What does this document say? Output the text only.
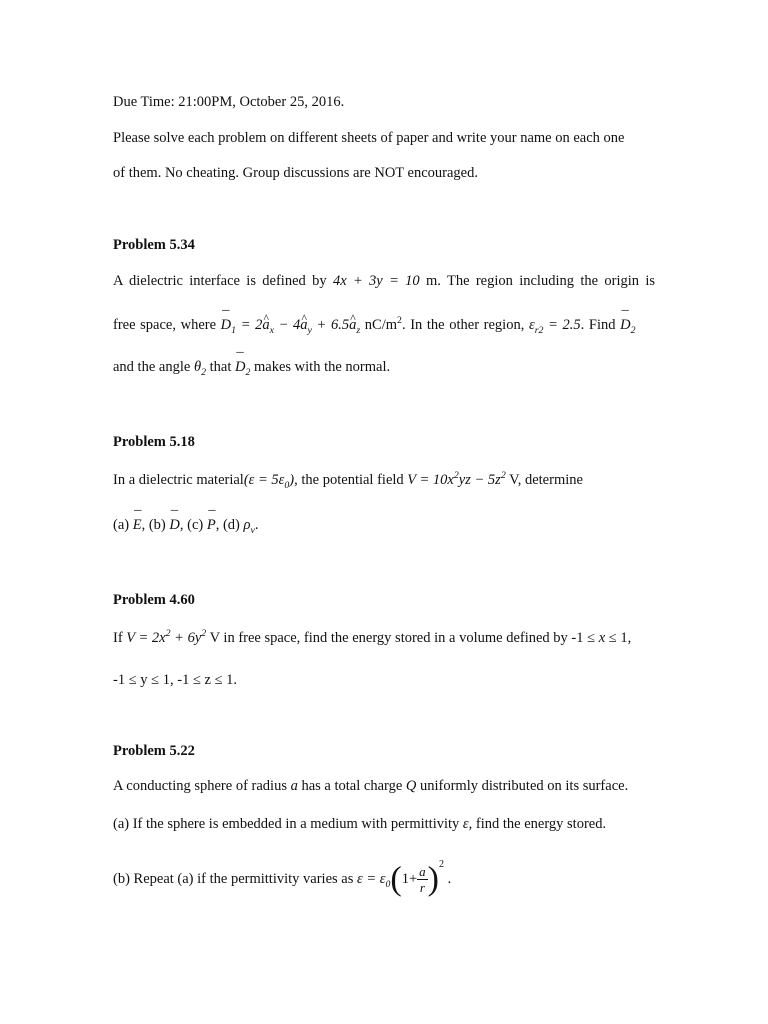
Due Time: 21:00PM, October 25, 2016.
Please solve each problem on different sheets of paper and write your name on each one
of them. No cheating. Group discussions are NOT encouraged.
Problem 5.34
A dielectric interface is defined by 4x + 3y = 10 m. The region including the origin is
free space, where ¯ $D_1$ = 2^ $a_x$ − 4^ $a_y$ + 6.5^ $a_z$ $nC/m^2$. In the other region, $\varepsilon_{r2} = 2.5$. Find ¯ $D_2$
and the angle $\theta_2$ that ¯ $D_2$ makes with the normal.
Problem 5.18
In a dielectric material(ε = $5\varepsilon_0$), the potential field $V = 10x^2yz - 5z^2$ V, determine
(a) ¯ E, (b) ¯ D, (c) ¯ P, (d) $\rho_v$.
Problem 4.60
If $V = 2x^2 + 6y^2$ V in free space, find the energy stored in a volume defined by -1 ≤ x ≤ 1,
-1 ≤ y ≤ 1, -1 ≤ z ≤ 1.
Problem 5.22
A conducting sphere of radius a has a total charge Q uniformly distributed on its surface.
(a) If the sphere is embedded in a medium with permittivity ε, find the energy stored.
(b) Repeat (a) if the permittivity varies as $\varepsilon = \varepsilon_0(1+ \frac{a}{r} )^2$ .
